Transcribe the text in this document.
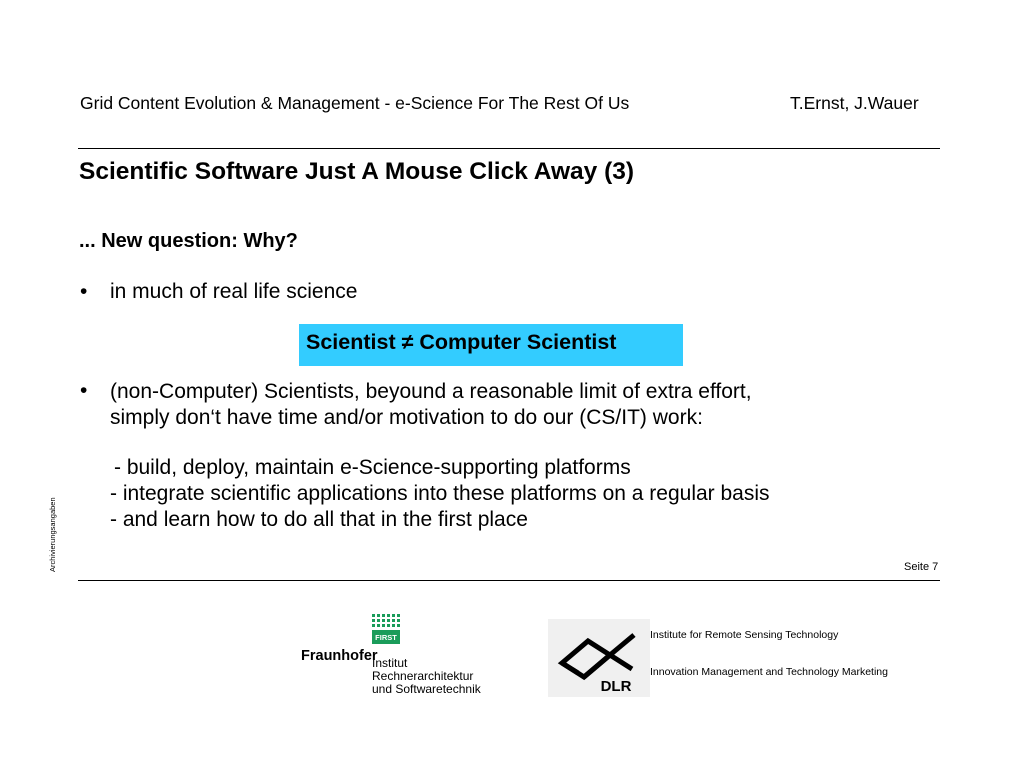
Grid Content Evolution & Management - e-Science For The Rest Of Us	T.Ernst, J.Wauer
Scientific Software Just A Mouse Click Away (3)
... New question: Why?
• in much of real life science
Scientist ≠ Computer Scientist
• (non-Computer) Scientists, beyound a reasonable limit of extra effort,
simply don‘t have time and/or motivation to do our (CS/IT) work:
- build, deploy, maintain e-Science-supporting platforms
- integrate scientific applications into these platforms on a regular basis
- and learn how to do all that in the first place
Archivierungsangaben	Seite 7
FIRST
Fraunhofer
Institut
Rechnerarchitektur
und Softwaretechnik	DLR
Institute for Remote Sensing Technology
Innovation Management and Technology Marketing
